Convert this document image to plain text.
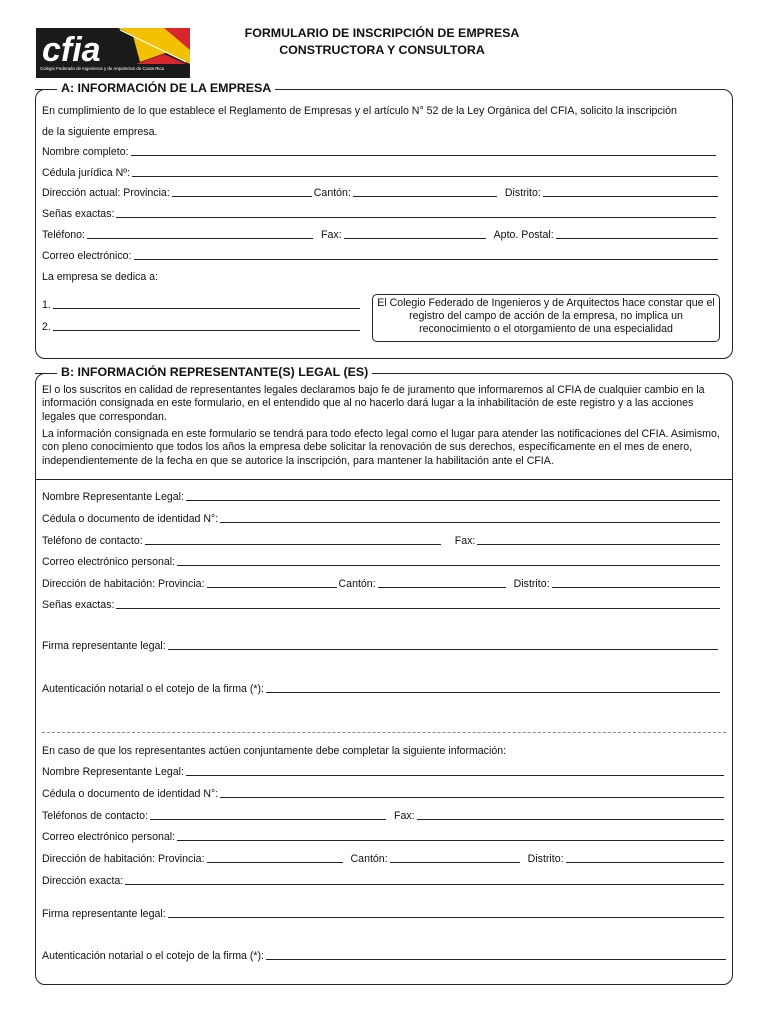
cfia
Colegio Federado de Ingenieros y de Arquitectos de Costa Rica
FORMULARIO DE INSCRIPCIÓN DE EMPRESA
CONSTRUCTORA Y CONSULTORA
A: INFORMACIÓN DE LA EMPRESA
En cumplimiento de lo que establece el Reglamento de Empresas y el artículo N° 52 de la Ley Orgánica del CFIA, solicito la inscripción
de la siguiente empresa.
Nombre completo:
Cédula jurídica Nº:
Dirección actual: Provincia:	Cantón:	Distrito:
Señas exactas:
Teléfono:	Fax:	Apto. Postal:
Correo electrónico:
La empresa se dedica a:
1.
2.
El Colegio Federado de Ingenieros y de Arquitectos hace constar que el registro del campo de acción de la empresa, no implica un reconocimiento o el otorgamiento de una especialidad
B: INFORMACIÓN REPRESENTANTE(S) LEGAL (ES)
El o los suscritos en calidad de representantes legales declaramos bajo fe de juramento que informaremos al CFIA de cualquier cambio en la información consignada en este formulario, en el entendido que al no hacerlo dará lugar a la inhabilitación de este registro y a las acciones legales que correspondan.
La información consignada en este formulario se tendrá para todo efecto legal como el lugar para atender las notificaciones del CFIA. Asimismo, con pleno conocimiento que todos los años la empresa debe solicitar la renovación de sus derechos, específicamente en el mes de enero, independientemente de la fecha en que se autorice la inscripción, para mantener la habilitación ante el CFIA.
Nombre Representante Legal:
Cédula o documento de identidad N°:
Teléfono de contacto:	Fax:
Correo electrónico personal:
Dirección de habitación: Provincia:	Cantón:	Distrito:
Señas exactas:
Firma representante legal:
Autenticación notarial o el cotejo de la firma (*):
En caso de que los representantes actúen conjuntamente debe completar la siguiente información:
Nombre Representante Legal:
Cédula o documento de identidad N°:
Teléfonos de contacto:	Fax:
Correo electrónico personal:
Dirección de habitación: Provincia:	Cantón:	Distrito:
Dirección exacta:
Firma representante legal:
Autenticación notarial o el cotejo de la firma (*):
